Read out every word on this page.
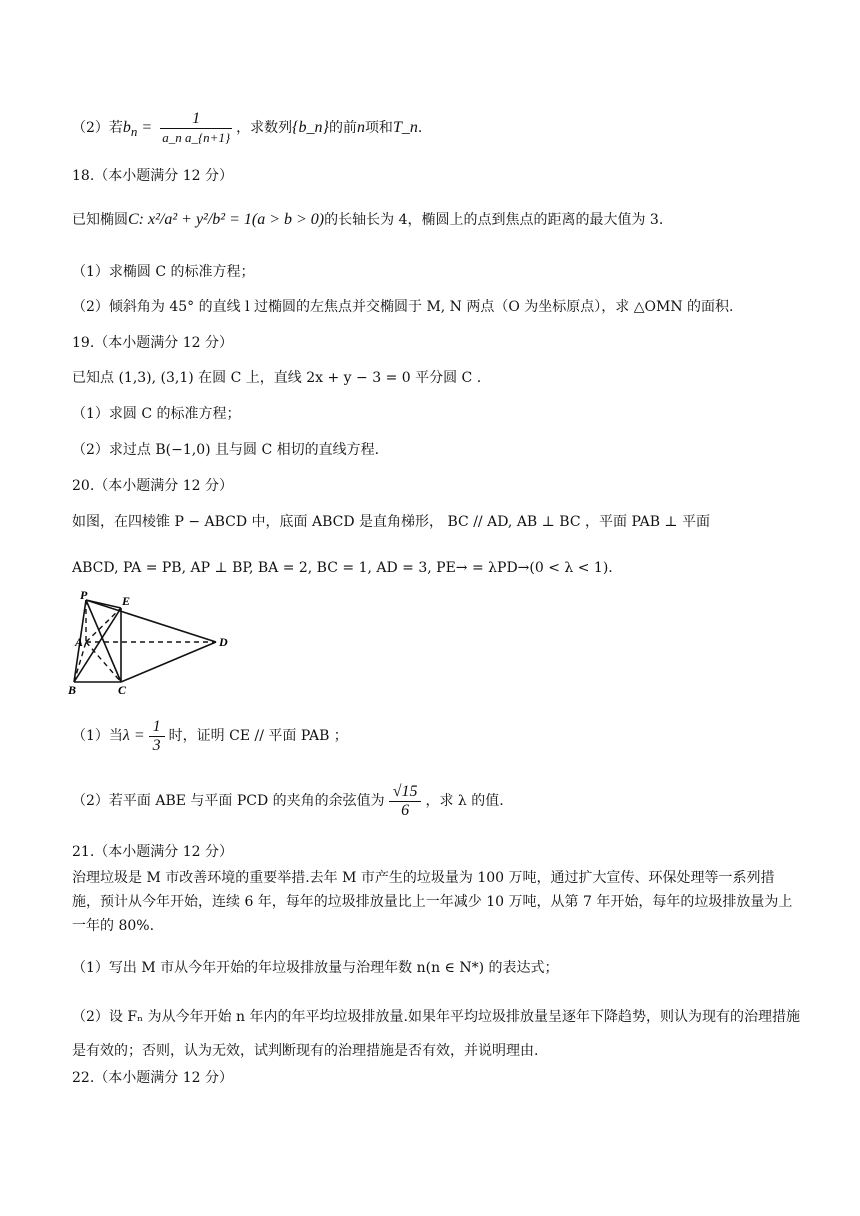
（2）若$b_n = \frac{1}{\text{a\_n a\_\{n+1\}}}$ ，求数列{b_n}的前n项和T_n.
18.（本小题满分 12 分）
已知椭圆C: x²/a² + y²/b² = 1(a > b > 0)的长轴长为 4，椭圆上的点到焦点的距离的最大值为 3.
（1）求椭圆 C 的标准方程；
（2）倾斜角为 45° 的直线 l 过椭圆的左焦点并交椭圆于 M, N 两点（O 为坐标原点），求 △OMN 的面积.
19.（本小题满分 12 分）
已知点 (1,3), (3,1) 在圆 C 上，直线 2x + y − 3 = 0 平分圆 C .
（1）求圆 C 的标准方程；
（2）求过点 B(−1,0) 且与圆 C 相切的直线方程.
20.（本小题满分 12 分）
如图，在四棱锥 P − ABCD 中，底面 ABCD 是直角梯形， BC // AD, AB ⊥ BC ，平面 PAB ⊥ 平面
ABCD, PA = PB, AP ⊥ BP, BA = 2, BC = 1, AD = 3, PE→ = λPD→(0 < λ < 1).
P	E
A	D
B	C
（1）当$\lambda = \frac{1}{3}$ 时，证明 CE // 平面 PAB ；
（2）若平面 ABE 与平面 PCD 的夹角的余弦值为 $\frac{√15}{6}$ ，求 λ 的值.
21.（本小题满分 12 分）
治理垃圾是 M 市改善环境的重要举措.去年 M 市产生的垃圾量为 100 万吨，通过扩大宣传、环保处理等一系列措施，预计从今年开始，连续 6 年，每年的垃圾排放量比上一年减少 10 万吨，从第 7 年开始，每年的垃圾排放量为上一年的 80%.
（1）写出 M 市从今年开始的年垃圾排放量与治理年数 n(n ∈ N*) 的表达式；
（2）设 Fₙ 为从今年开始 n 年内的年平均垃圾排放量.如果年平均垃圾排放量呈逐年下降趋势，则认为现有的治理措施是有效的；否则，认为无效，试判断现有的治理措施是否有效，并说明理由.
22.（本小题满分 12 分）
